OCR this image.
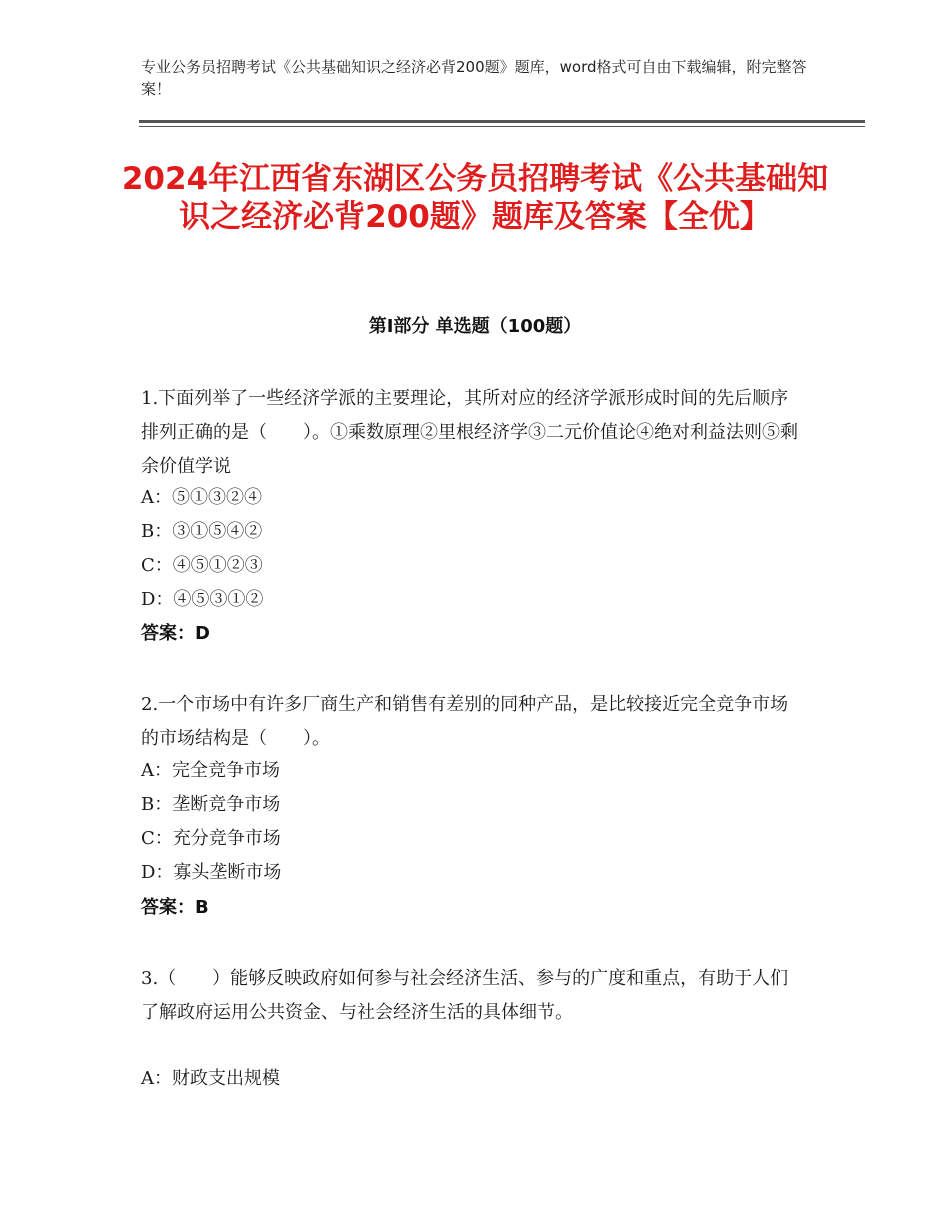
专业公务员招聘考试《公共基础知识之经济必背200题》题库，word格式可自由下载编辑，附完整答案！
2024年江西省东湖区公务员招聘考试《公共基础知识之经济必背200题》题库及答案【全优】
第Ⅰ部分 单选题（100题）
1.下面列举了一些经济学派的主要理论，其所对应的经济学派形成时间的先后顺序排列正确的是（　　）。①乘数原理②里根经济学③二元价值论④绝对利益法则⑤剩余价值学说
A：⑤①③②④
B：③①⑤④②
C：④⑤①②③
D：④⑤③①②
答案：D
2.一个市场中有许多厂商生产和销售有差别的同种产品，是比较接近完全竞争市场的市场结构是（　　）。
A：完全竞争市场
B：垄断竞争市场
C：充分竞争市场
D：寡头垄断市场
答案：B
3.（　　）能够反映政府如何参与社会经济生活、参与的广度和重点，有助于人们了解政府运用公共资金、与社会经济生活的具体细节。
A：财政支出规模
